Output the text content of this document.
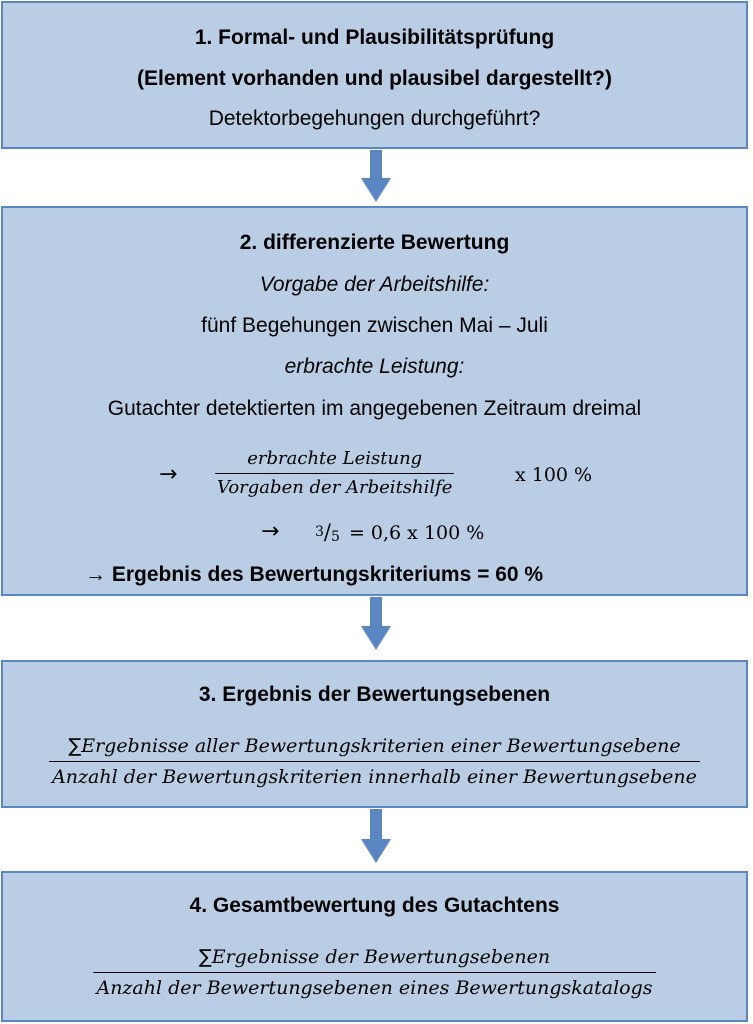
1. Formal- und Plausibilitätsprüfung
(Element vorhanden und plausibel dargestellt?)
Detektorbegehungen durchgeführt?
2. differenzierte Bewertung
Vorgabe der Arbeitshilfe:
fünf Begehungen zwischen Mai – Juli
erbrachte Leistung:
Gutachter detektierten im angegebenen Zeitraum dreimal
→
erbrachte Leistung
Vorgaben der Arbeitshilfe
x 100 %
→	$^3/_5 = 0,6$ x 100 %
→ Ergebnis des Bewertungskriteriums = 60 %
3. Ergebnis der Bewertungsebenen
∑Ergebnisse aller Bewertungskriterien einer Bewertungsebene
Anzahl der Bewertungskriterien innerhalb einer Bewertungsebene
4. Gesamtbewertung des Gutachtens
$\frac{\text{∑Ergebnisse der Bewertungsebenen}}{\text{Anzahl der Bewertungsebenen eines Bewertungskatalogs}}$
